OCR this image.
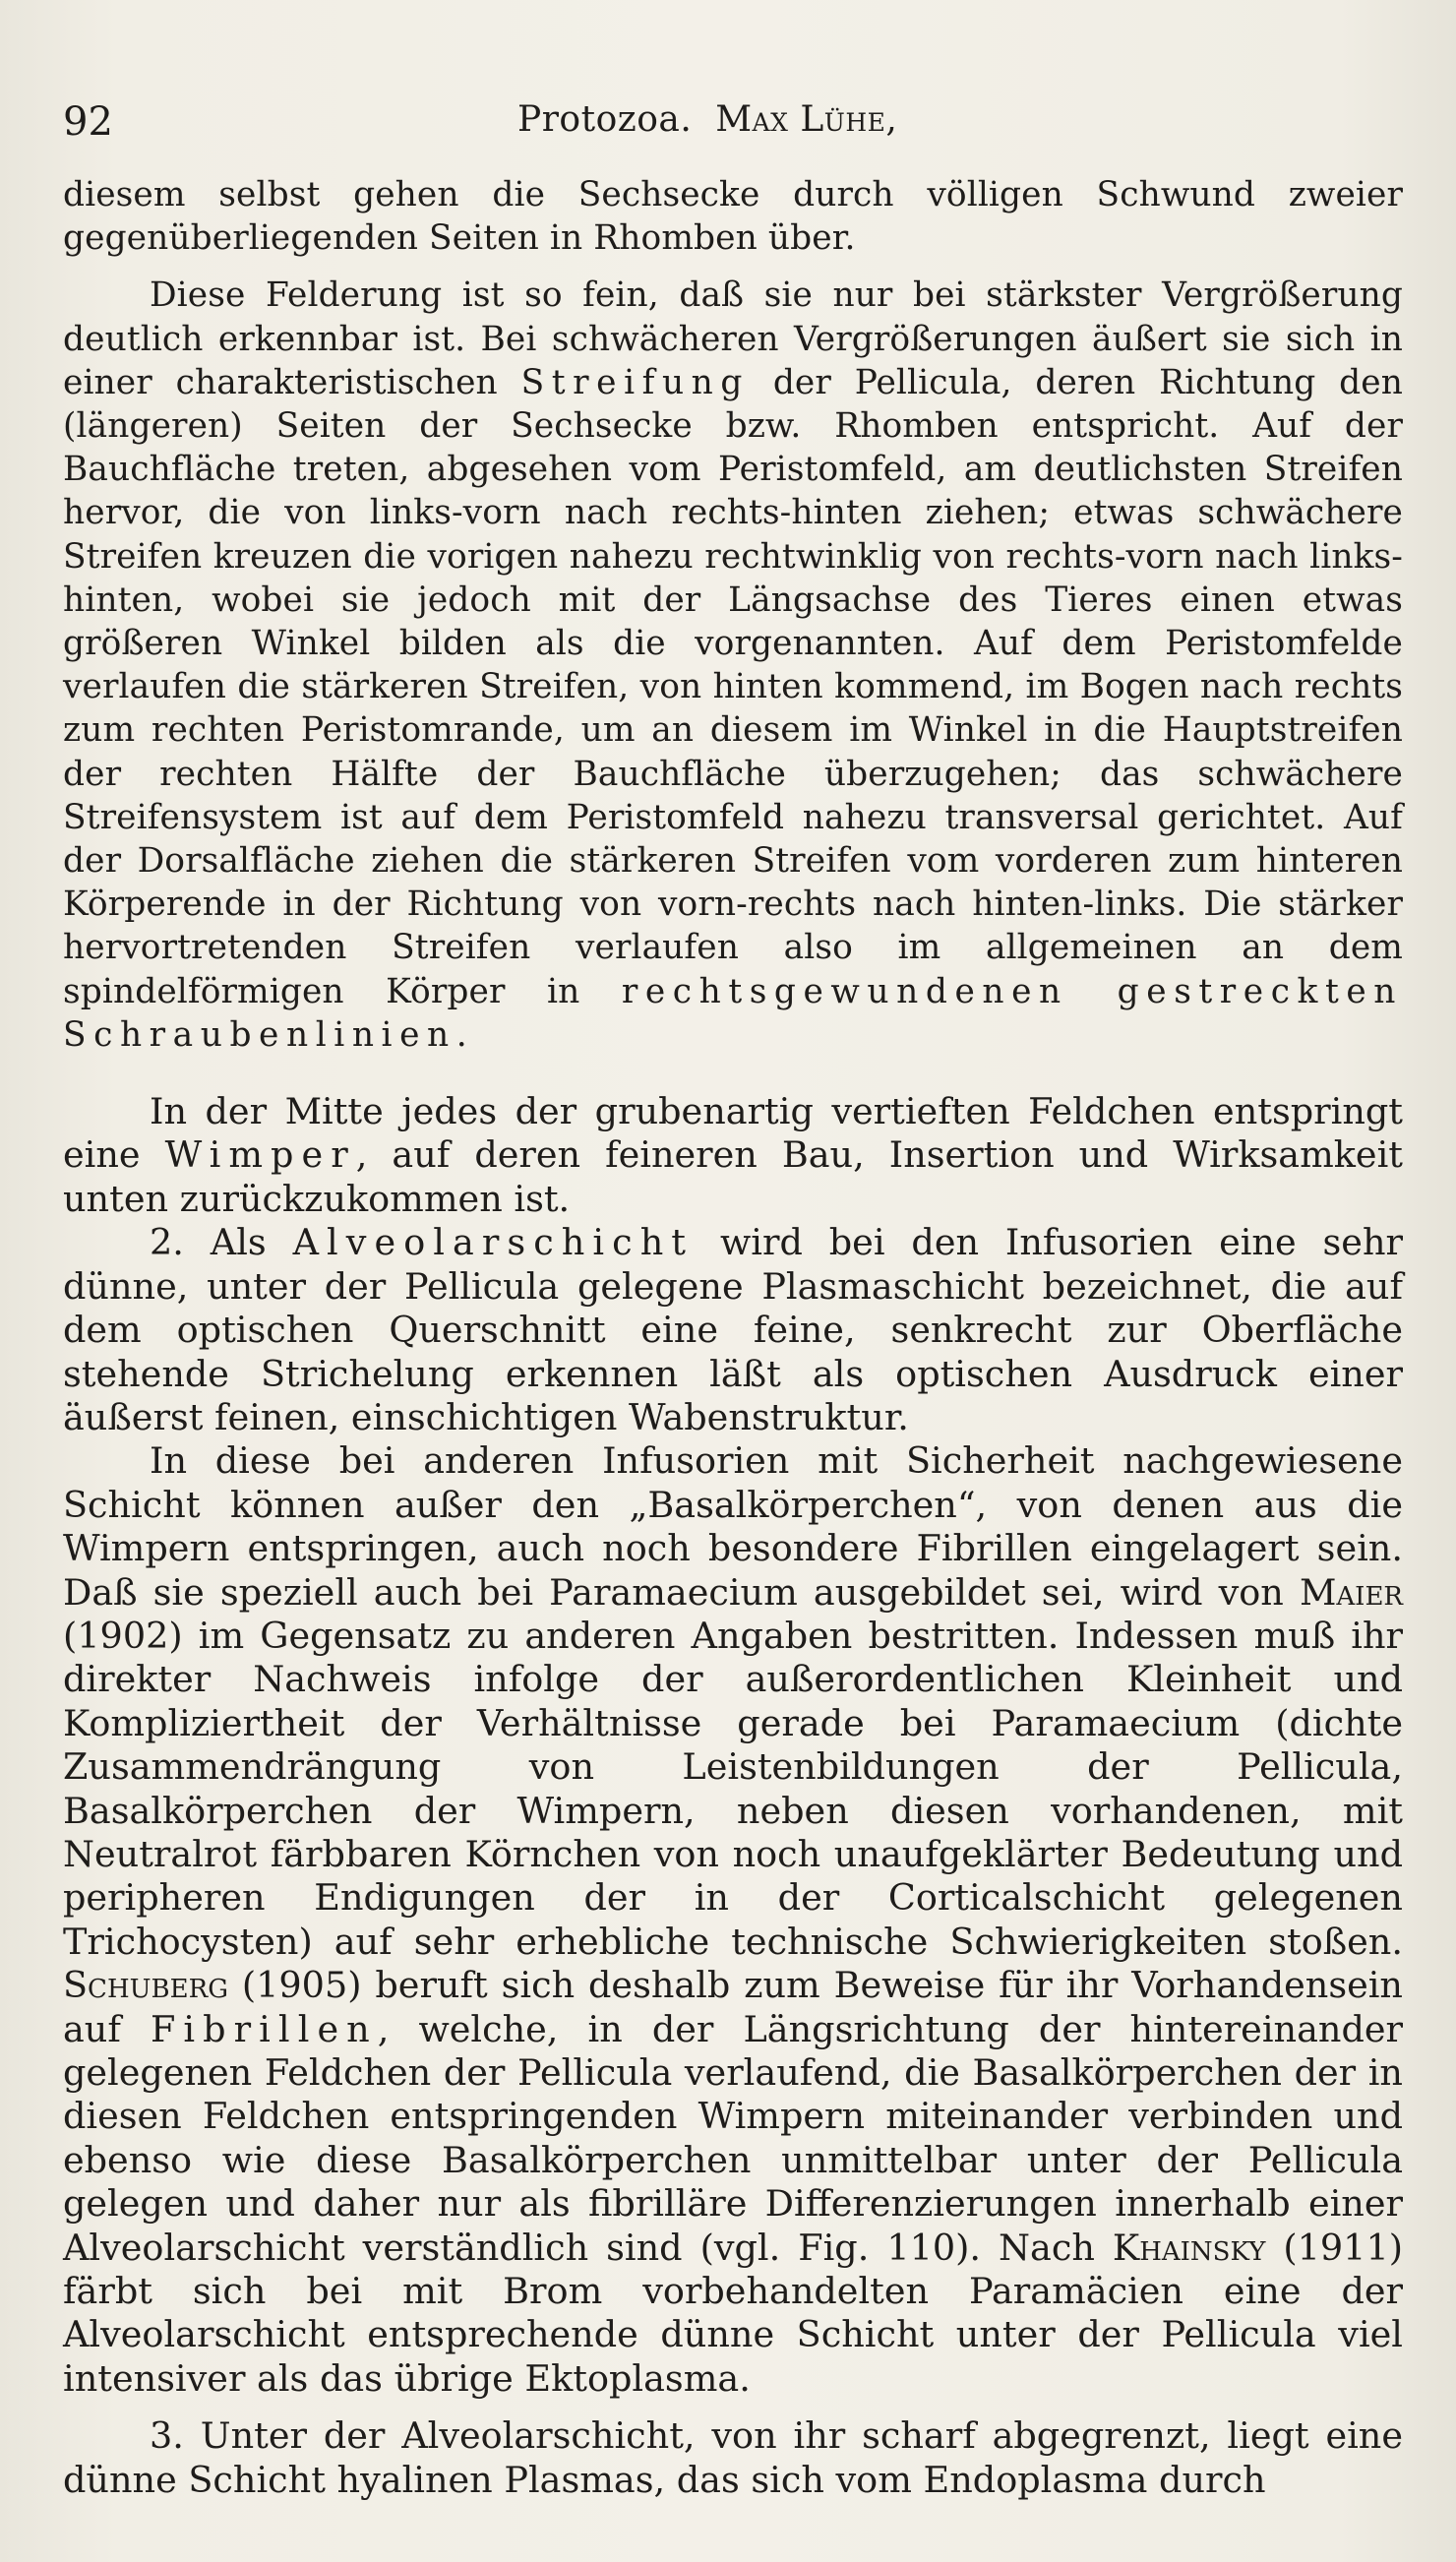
92	Protozoa. Max Lühe,

diesem selbst gehen die Sechsecke durch völligen Schwund zweier gegenüberliegenden Seiten in Rhomben über.

Diese Felderung ist so fein, daß sie nur bei stärkster Vergrößerung deutlich erkennbar ist. Bei schwächeren Vergrößerungen äußert sie sich in einer charakteristischen Streifung der Pellicula, deren Richtung den (längeren) Seiten der Sechsecke bzw. Rhomben entspricht. Auf der Bauchfläche treten, abgesehen vom Peristomfeld, am deutlichsten Streifen hervor, die von links-vorn nach rechts-hinten ziehen; etwas schwächere Streifen kreuzen die vorigen nahezu rechtwinklig von rechts-vorn nach links-hinten, wobei sie jedoch mit der Längsachse des Tieres einen etwas größeren Winkel bilden als die vorgenannten. Auf dem Peristomfelde verlaufen die stärkeren Streifen, von hinten kommend, im Bogen nach rechts zum rechten Peristomrande, um an diesem im Winkel in die Hauptstreifen der rechten Hälfte der Bauchfläche überzugehen; das schwächere Streifensystem ist auf dem Peristomfeld nahezu transversal gerichtet. Auf der Dorsalfläche ziehen die stärkeren Streifen vom vorderen zum hinteren Körperende in der Richtung von vorn-rechts nach hinten-links. Die stärker hervortretenden Streifen verlaufen also im allgemeinen an dem spindelförmigen Körper in rechtsgewundenen gestreckten Schraubenlinien.

In der Mitte jedes der grubenartig vertieften Feldchen entspringt eine Wimper, auf deren feineren Bau, Insertion und Wirksamkeit unten zurückzukommen ist.

2. Als Alveolarschicht wird bei den Infusorien eine sehr dünne, unter der Pellicula gelegene Plasmaschicht bezeichnet, die auf dem optischen Querschnitt eine feine, senkrecht zur Oberfläche stehende Strichelung erkennen läßt als optischen Ausdruck einer äußerst feinen, einschichtigen Wabenstruktur.

In diese bei anderen Infusorien mit Sicherheit nachgewiesene Schicht können außer den „Basalkörperchen“, von denen aus die Wimpern entspringen, auch noch besondere Fibrillen eingelagert sein. Daß sie speziell auch bei Paramaecium ausgebildet sei, wird von Maier (1902) im Gegensatz zu anderen Angaben bestritten. Indessen muß ihr direkter Nachweis infolge der außerordentlichen Kleinheit und Kompliziertheit der Verhältnisse gerade bei Paramaecium (dichte Zusammendrängung von Leistenbildungen der Pellicula, Basalkörperchen der Wimpern, neben diesen vorhandenen, mit Neutralrot färbbaren Körnchen von noch unaufgeklärter Bedeutung und peripheren Endigungen der in der Corticalschicht gelegenen Trichocysten) auf sehr erhebliche technische Schwierigkeiten stoßen. Schuberg (1905) beruft sich deshalb zum Beweise für ihr Vorhandensein auf Fibrillen, welche, in der Längsrichtung der hintereinander gelegenen Feldchen der Pellicula verlaufend, die Basalkörperchen der in diesen Feldchen entspringenden Wimpern miteinander verbinden und ebenso wie diese Basalkörperchen unmittelbar unter der Pellicula gelegen und daher nur als fibrilläre Differenzierungen innerhalb einer Alveolarschicht verständlich sind (vgl. Fig. 110). Nach Khainsky (1911) färbt sich bei mit Brom vorbehandelten Paramäcien eine der Alveolarschicht entsprechende dünne Schicht unter der Pellicula viel intensiver als das übrige Ektoplasma.

3. Unter der Alveolarschicht, von ihr scharf abgegrenzt, liegt eine dünne Schicht hyalinen Plasmas, das sich vom Endoplasma durch
